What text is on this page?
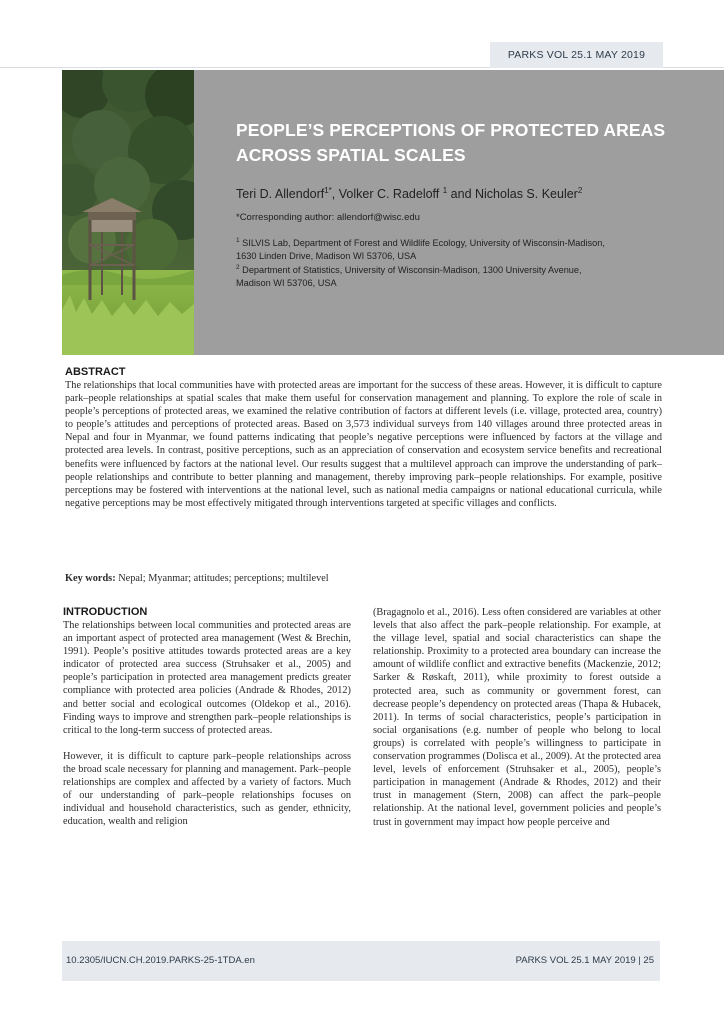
PARKS VOL 25.1 MAY 2019
PEOPLE’S PERCEPTIONS OF PROTECTED AREAS
ACROSS SPATIAL SCALES
Teri D. Allendorf$^{1*}$, Volker C. Radeloff $^1$ and Nicholas S. Keuler$^2$
*Corresponding author: allendorf@wisc.edu
$^1$ SILVIS Lab, Department of Forest and Wildlife Ecology, University of Wisconsin-Madison,
1630 Linden Drive, Madison WI 53706, USA
$^2$ Department of Statistics, University of Wisconsin-Madison, 1300 University Avenue,
Madison WI 53706, USA
ABSTRACT
The relationships that local communities have with protected areas are important for the success of these areas. However, it is difficult to capture park–people relationships at spatial scales that make them useful for conservation management and planning. To explore the role of scale in people’s perceptions of protected areas, we examined the relative contribution of factors at different levels (i.e. village, protected area, country) to people’s attitudes and perceptions of protected areas. Based on 3,573 individual surveys from 140 villages around three protected areas in Nepal and four in Myanmar, we found patterns indicating that people’s negative perceptions were influenced by factors at the village and protected area levels. In contrast, positive perceptions, such as an appreciation of conservation and ecosystem service benefits and recreational benefits were influenced by factors at the national level. Our results suggest that a multilevel approach can improve the understanding of park–people relationships and contribute to better planning and management, thereby improving park–people relationships. For example, positive perceptions may be fostered with interventions at the national level, such as national media campaigns or national educational curricula, while negative perceptions may be most effectively mitigated through interventions targeted at specific villages and conflicts.
Key words: Nepal; Myanmar; attitudes; perceptions; multilevel
INTRODUCTION

The relationships between local communities and protected areas are an important aspect of protected area management (West & Brechin, 1991). People’s positive attitudes towards protected areas are a key indicator of protected area success (Struhsaker et al., 2005) and people’s participation in protected area management predicts greater compliance with protected area policies (Andrade & Rhodes, 2012) and better social and ecological outcomes (Oldekop et al., 2016). Finding ways to improve and strengthen park–people relationships is critical to the long-term success of protected areas.

However, it is difficult to capture park–people relationships across the broad scale necessary for planning and management. Park–people relationships are complex and affected by a variety of factors. Much of our understanding of park–people relationships focuses on individual and household characteristics, such as gender, ethnicity, education, wealth and religion

(Bragagnolo et al., 2016). Less often considered are variables at other levels that also affect the park–people relationship. For example, at the village level, spatial and social characteristics can shape the relationship. Proximity to a protected area boundary can increase the amount of wildlife conflict and extractive benefits (Mackenzie, 2012; Sarker & Røskaft, 2011), while proximity to forest outside a protected area, such as community or government forest, can decrease people’s dependency on protected areas (Thapa & Hubacek, 2011). In terms of social characteristics, people’s participation in social organisations (e.g. number of people who belong to local groups) is correlated with people’s willingness to participate in conservation programmes (Dolisca et al., 2009). At the protected area level, levels of enforcement (Struhsaker et al., 2005), people’s participation in management (Andrade & Rhodes, 2012) and their trust in management (Stern, 2008) can affect the park–people relationship. At the national level, government policies and people’s trust in government may impact how people perceive and

10.2305/IUCN.CH.2019.PARKS-25-1TDA.en	PARKS VOL 25.1 MAY 2019 | 25
